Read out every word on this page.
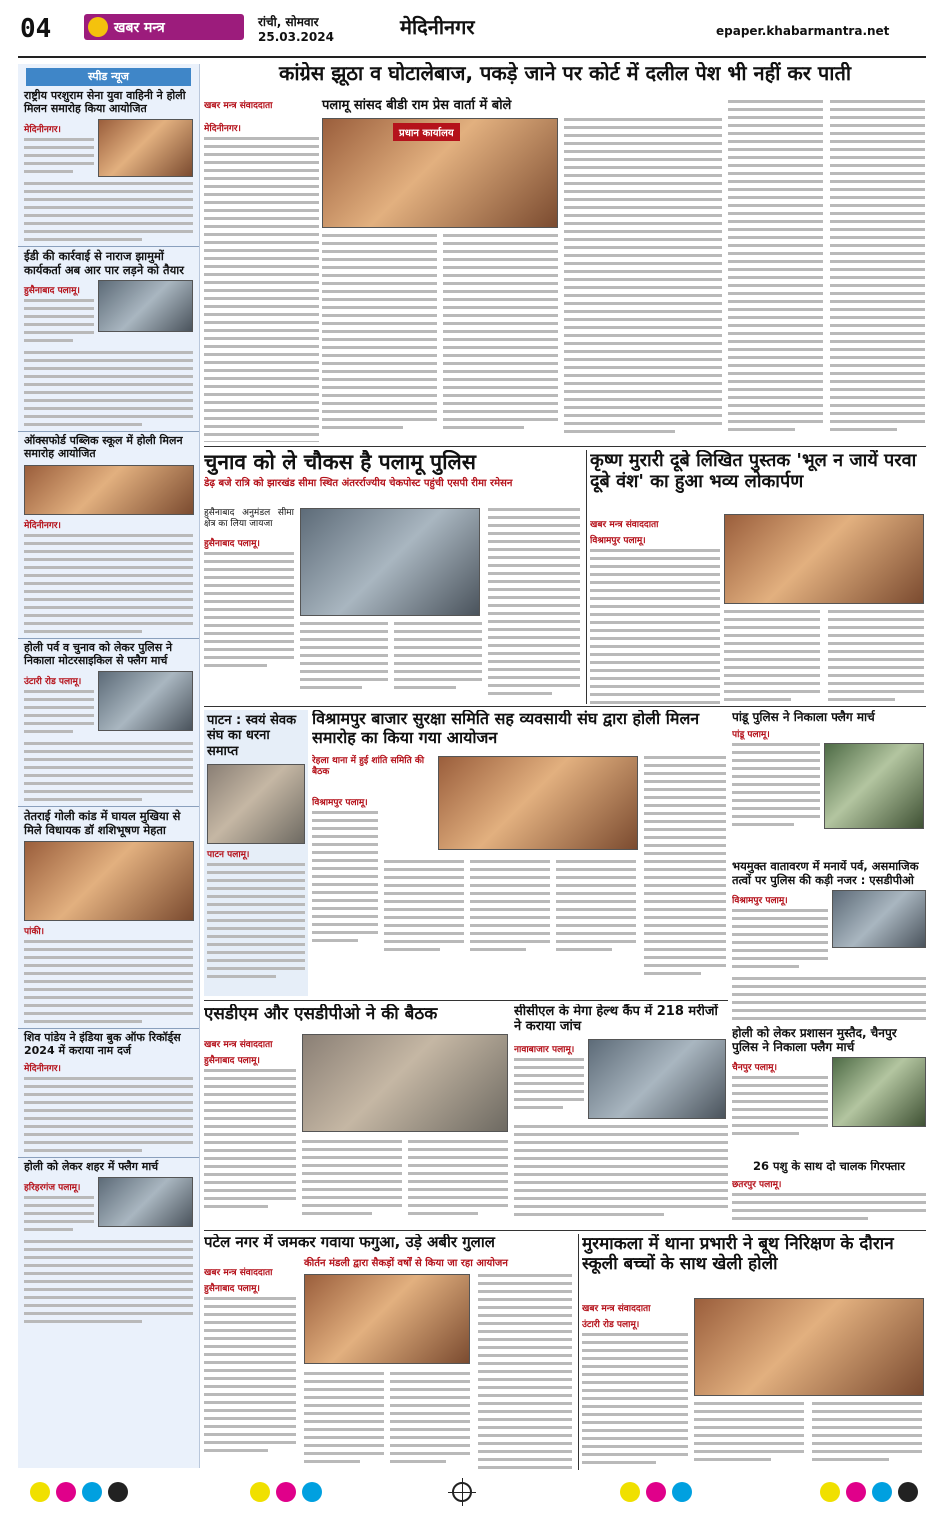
04	खबर मन्त्र	रांची, सोमवार
25.03.2024	मेदिनीनगर	epaper.khabarmantra.net
स्पीड न्यूज
राष्ट्रीय परशुराम सेना युवा वाहिनी ने होली मिलन समारोह किया आयोजित
मेदिनीनगर।
ईडी की कार्रवाई से नाराज झामुमों कार्यकर्ता अब आर पार लड़ने को तैयार
हुसैनाबाद पलामू।
ऑक्सफोर्ड पब्लिक स्कूल में होली मिलन समारोह आयोजित
मेदिनीनगर।
होली पर्व व चुनाव को लेकर पुलिस ने निकाला मोटरसाइकिल से फ्लैग मार्च
उंटारी रोड पलामू।
तेतराई गोली कांड में घायल मुखिया से मिले विधायक डॉ शशिभूषण मेहता
पांकी।
शिव पांडेय ने इंडिया बुक ऑफ रिकॉर्ड्स 2024 में कराया नाम दर्ज
मेदिनीनगर।
होली को लेकर शहर में फ्लैग मार्च
हरिहरगंज पलामू।
कांग्रेस झूठा व घोटालेबाज, पकड़े जाने पर कोर्ट में दलील पेश भी नहीं कर पाती
खबर मन्त्र संवाददाता	पलामू सांसद बीडी राम प्रेस वार्ता में बोले
मेदिनीनगर।	प्रधान कार्यालय
चुनाव को ले चौकस है पलामू पुलिस
डेढ़ बजे रात्रि को झारखंड सीमा स्थित अंतरर्राज्यीय चेकपोस्ट पहुंची एसपी रीमा रमेसन
हुसैनाबाद अनुमंडल सीमा क्षेत्र का लिया जायजा
हुसैनाबाद पलामू।
कृष्ण मुरारी दूबे लिखित पुस्तक 'भूल न जायें परवा दूबे वंश' का हुआ भव्य लोकार्पण
खबर मन्त्र संवाददाता
विश्रामपुर पलामू।
पाटन : स्वयं सेवक संघ का धरना समाप्त
पाटन पलामू।
विश्रामपुर बाजार सुरक्षा समिति सह व्यवसायी संघ द्वारा होली मिलन समारोह का किया गया आयोजन
रेहला थाना में हुई शांति समिति की बैठक
विश्रामपुर पलामू।
पांडू पुलिस ने निकाला फ्लैग मार्च
पांडू पलामू।
भयमुक्त वातावरण में मनायें पर्व, असमाजिक तत्वों पर पुलिस की कड़ी नजर : एसडीपीओ
विश्रामपुर पलामू।
होली को लेकर प्रशासन मुस्तैद, चैनपुर पुलिस ने निकाला फ्लैग मार्च
चैनपुर पलामू।
26 पशु के साथ दो चालक गिरफ्तार
छतरपुर पलामू।
एसडीएम और एसडीपीओ ने की बैठक
खबर मन्त्र संवाददाता
हुसैनाबाद पलामू।
सीसीएल के मेगा हेल्थ कैंप में 218 मरीजों ने कराया जांच
नावाबाजार पलामू।
पटेल नगर में जमकर गवाया फगुआ, उड़े अबीर गुलाल
कीर्तन मंडली द्वारा सैकड़ों वर्षों से किया जा रहा आयोजन
खबर मन्त्र संवाददाता
हुसैनाबाद पलामू।
मुरमाकला में थाना प्रभारी ने बूथ निरिक्षण के दौरान स्कूली बच्चों के साथ खेली होली
खबर मन्त्र संवाददाता
उंटारी रोड पलामू।
